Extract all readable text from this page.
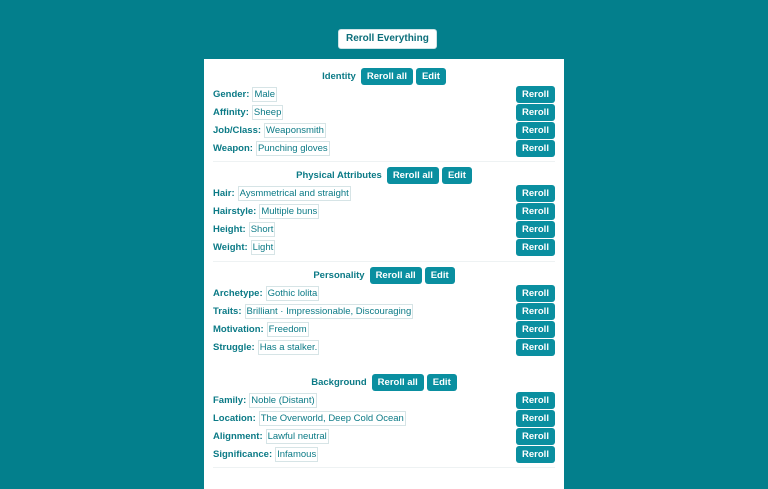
Reroll Everything
Identity	Reroll all	Edit
Gender: Male	Reroll
Affinity: Sheep	Reroll
Job/Class: Weaponsmith	Reroll
Weapon: Punching gloves	Reroll
Physical Attributes	Reroll all	Edit
Hair: Aysmmetrical and straight	Reroll
Hairstyle: Multiple buns	Reroll
Height: Short	Reroll
Weight: Light	Reroll
Personality	Reroll all	Edit
Archetype: Gothic lolita	Reroll
Traits: Brilliant · Impressionable, Discouraging	Reroll
Motivation: Freedom	Reroll
Struggle: Has a stalker.	Reroll
Background	Reroll all	Edit
Family: Noble (Distant)	Reroll
Location: The Overworld, Deep Cold Ocean	Reroll
Alignment: Lawful neutral	Reroll
Significance: Infamous	Reroll
